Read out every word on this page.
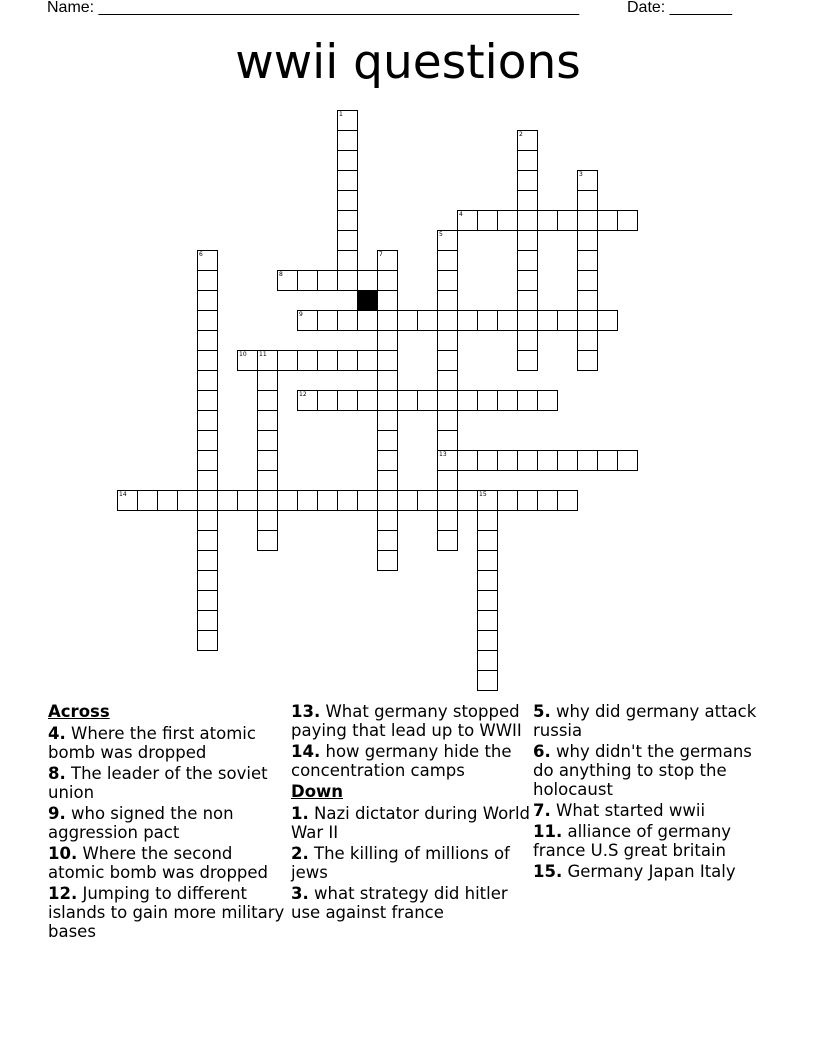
Name: ______________________________________________________	Date: _______
wwii questions
1
2
3
4
5
13
6	7
8
9
10 11
12
14	15
Across
4. Where the first atomic bomb was dropped
8. The leader of the soviet union
9. who signed the non aggression pact
10. Where the second atomic bomb was dropped
12. Jumping to different islands to gain more military bases
13. What germany stopped paying that lead up to WWII
14. how germany hide the concentration camps
Down
1. Nazi dictator during World War II
2. The killing of millions of jews
3. what strategy did hitler use against france
5. why did germany attack russia
6. why didn't the germans do anything to stop the holocaust
7. What started wwii
11. alliance of germany france U.S great britain
15. Germany Japan Italy
